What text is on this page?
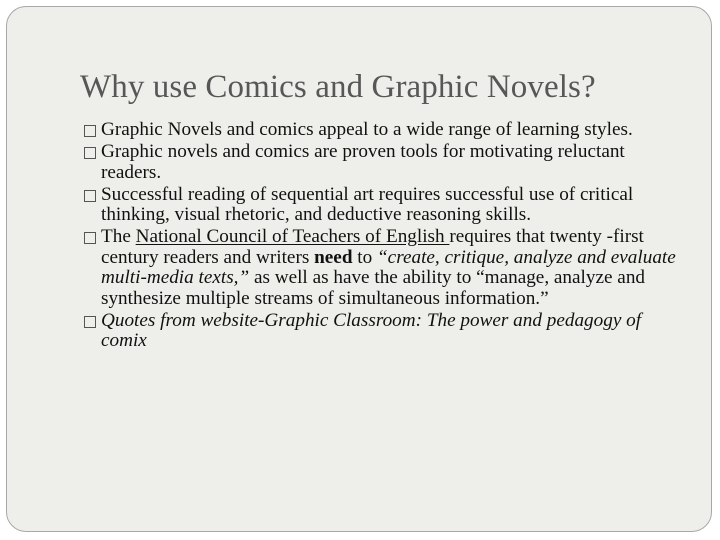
Why use Comics and Graphic Novels?
Graphic Novels and comics appeal to a wide range of learning styles.
Graphic novels and comics are proven tools for motivating reluctant readers.
Successful reading of sequential art requires successful use of critical thinking, visual rhetoric, and deductive reasoning skills.
The National Council of Teachers of English requires that twenty -first century readers and writers need to “create, critique, analyze and evaluate multi-media texts,” as well as have the ability to “manage, analyze and synthesize multiple streams of simultaneous information.”
Quotes from website-Graphic Classroom: The power and pedagogy of comix
